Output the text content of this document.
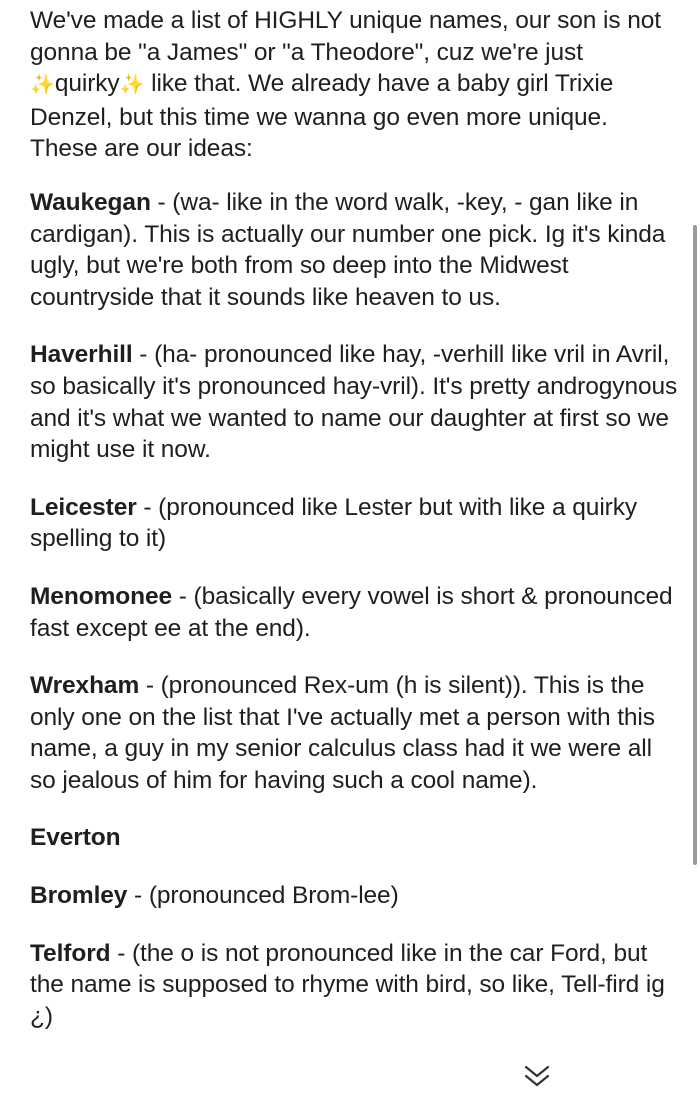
We've made a list of HIGHLY unique names, our son is not gonna be "a James" or "a Theodore", cuz we're just ✨quirky✨ like that. We already have a baby girl Trixie Denzel, but this time we wanna go even more unique. These are our ideas:

Waukegan - (wa- like in the word walk, -key, - gan like in cardigan). This is actually our number one pick. Ig it's kinda ugly, but we're both from so deep into the Midwest countryside that it sounds like heaven to us.

Haverhill - (ha- pronounced like hay, -verhill like vril in Avril, so basically it's pronounced hay-vril). It's pretty androgynous and it's what we wanted to name our daughter at first so we might use it now.

Leicester - (pronounced like Lester but with like a quirky spelling to it)

Menomonee - (basically every vowel is short & pronounced fast except ee at the end).

Wrexham - (pronounced Rex-um (h is silent)). This is the only one on the list that I've actually met a person with this name, a guy in my senior calculus class had it we were all so jealous of him for having such a cool name).

Everton

Bromley - (pronounced Brom-lee)

Telford - (the o is not pronounced like in the car Ford, but the name is supposed to rhyme with bird, so like, Tell-fird ig ¿)
